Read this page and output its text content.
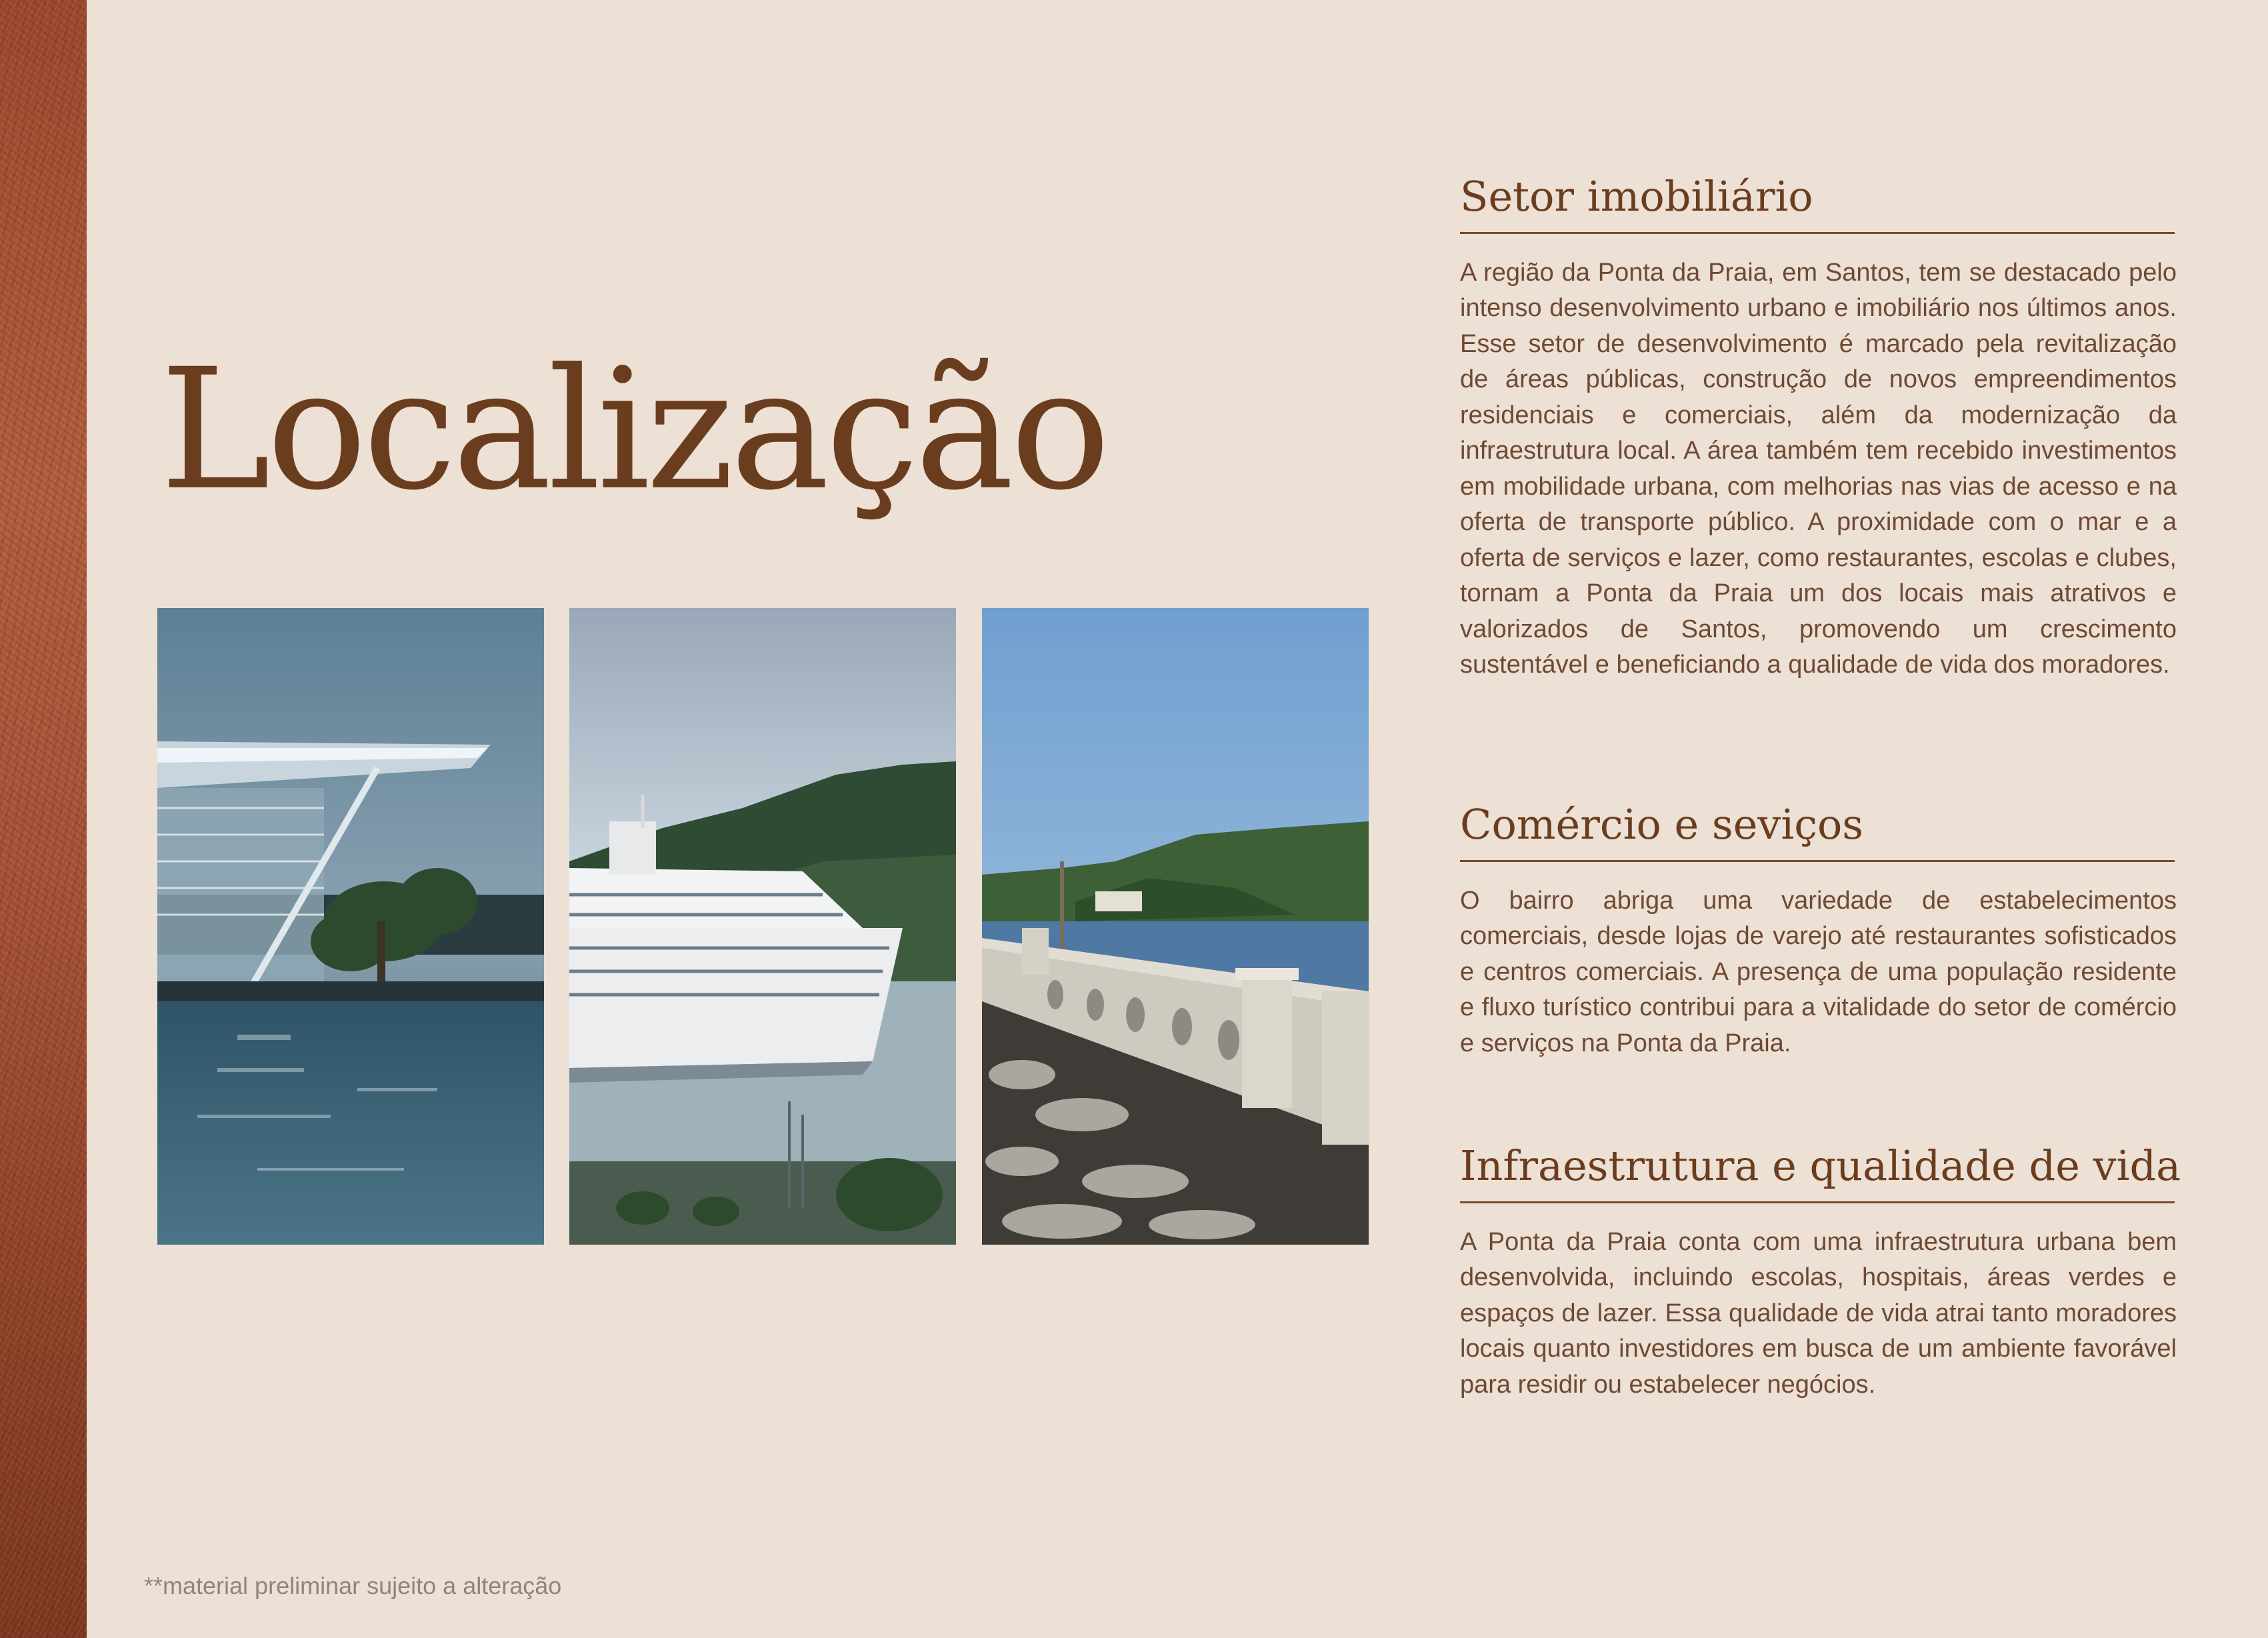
Localização
Setor imobiliário

A região da Ponta da Praia, em Santos, tem se destacado pelo intenso desenvolvimento urbano e imobiliário nos últimos anos. Esse setor de desenvolvimento é marcado pela revitalização de áreas públicas, construção de novos empreendimentos residenciais e comerciais, além da modernização da infraestrutura local. A área também tem recebido investimentos em mobilidade urbana, com melhorias nas vias de acesso e na oferta de transporte público. A proximidade com o mar e a oferta de serviços e lazer, como restaurantes, escolas e clubes, tornam a Ponta da Praia um dos locais mais atrativos e valorizados de Santos, promovendo um crescimento sustentável e beneficiando a qualidade de vida dos moradores.

Comércio e seviços

O bairro abriga uma variedade de estabelecimentos comerciais, desde lojas de varejo até restaurantes sofisticados e centros comerciais. A presença de uma população residente e fluxo turístico contribui para a vitalidade do setor de comércio e serviços na Ponta da Praia.

Infraestrutura e qualidade de vida

A Ponta da Praia conta com uma infraestrutura urbana bem desenvolvida, incluindo escolas, hospitais, áreas verdes e espaços de lazer. Essa qualidade de vida atrai tanto moradores locais quanto investidores em busca de um ambiente favorável para residir ou estabelecer negócios.

**material preliminar sujeito a alteração
